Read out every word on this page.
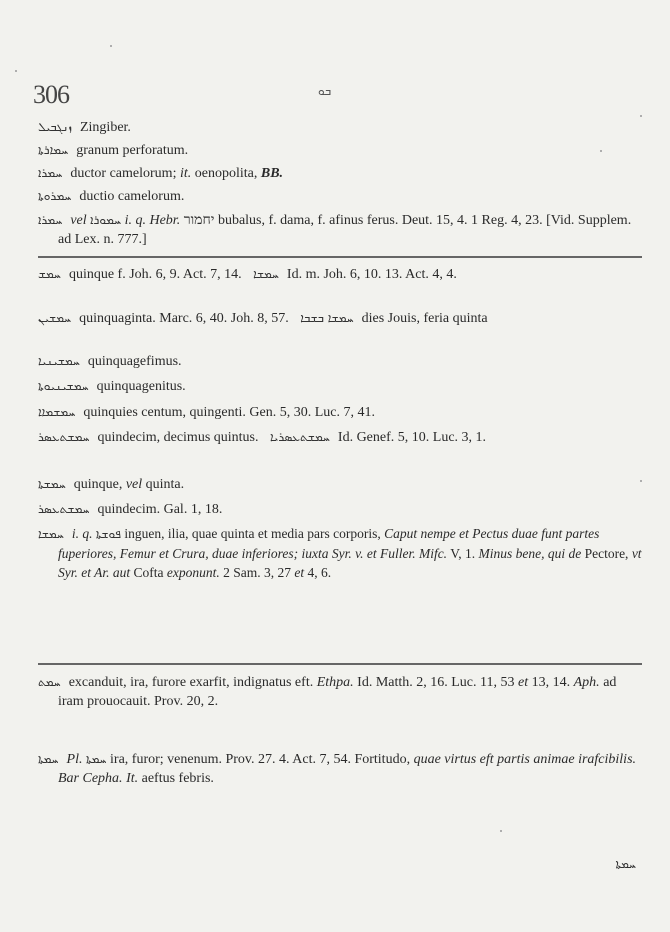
306	ܒܘ
ܙܢܓܒܝܠ Zingiber.
ܚܡܐܪܬܐ granum perforatum.
ܚܡܪܐ ductor camelorum; it. oenopolita, BB.
ܚܡܪܘܬܐ ductio camelorum.
ܚܡܪܐ vel ܚܡܘܪܐ i. q. Hebr. יחמור bubalus, f. dama, f. afinus ferus. Deut. 15, 4. 1 Reg. 4, 23. [Vid. Supplem. ad Lex. n. 777.]
ܚܡܫ quinque f. Joh. 6, 9. Act. 7, 14. ܚܡܫܐ Id. m. Joh. 6, 10. 13. Act. 4, 4.
ܚܡܫܝܢ quinquaginta. Marc. 6, 40. Joh. 8, 57. ܚܡܫܐ ܒܫܒܐ dies Jouis, feria quinta
ܚܡܫܝܢܝܐ quinquagefimus.
ܚܡܫܝܢܝܘܬܐ quinquagenitus.
ܚܡܫܡܐܐ quinquies centum, quingenti. Gen. 5, 30. Luc. 7, 41.
ܚܡܫܬܥܣܪ quindecim, decimus quintus. ܚܡܫܬܥܣܪܝܐ Id. Genef. 5, 10. Luc. 3, 1.
ܚܡܫܬܐ quinque, vel quinta.
ܚܡܫܬܥܣܪ quindecim. Gal. 1, 18.
ܚܡܫܐ i. q. ܦܘܫܬܐ inguen, ilia, quae quinta et media pars corporis, Caput nempe et Pectus duae funt partes fuperiores, Femur et Crura, duae inferiores; iuxta Syr. v. et Fuller. Mifc. V, 1. Minus bene, qui de Pectore, vt Syr. et Ar. aut Cofta exponunt. 2 Sam. 3, 27 et 4, 6.
ܚܡܬ excanduit, ira, furore exarfit, indignatus eft. Ethpa. Id. Matth. 2, 16. Luc. 11, 53 et 13, 14. Aph. ad iram prouocauit. Prov. 20, 2.
ܚܡܬܐ Pl. ܚܡܬܐ ira, furor; venenum. Prov. 27. 4. Act. 7, 54. Fortitudo, quae virtus eft partis animae irafcibilis. Bar Cepha. It. aeftus febris.
ܚܡܬܐ
